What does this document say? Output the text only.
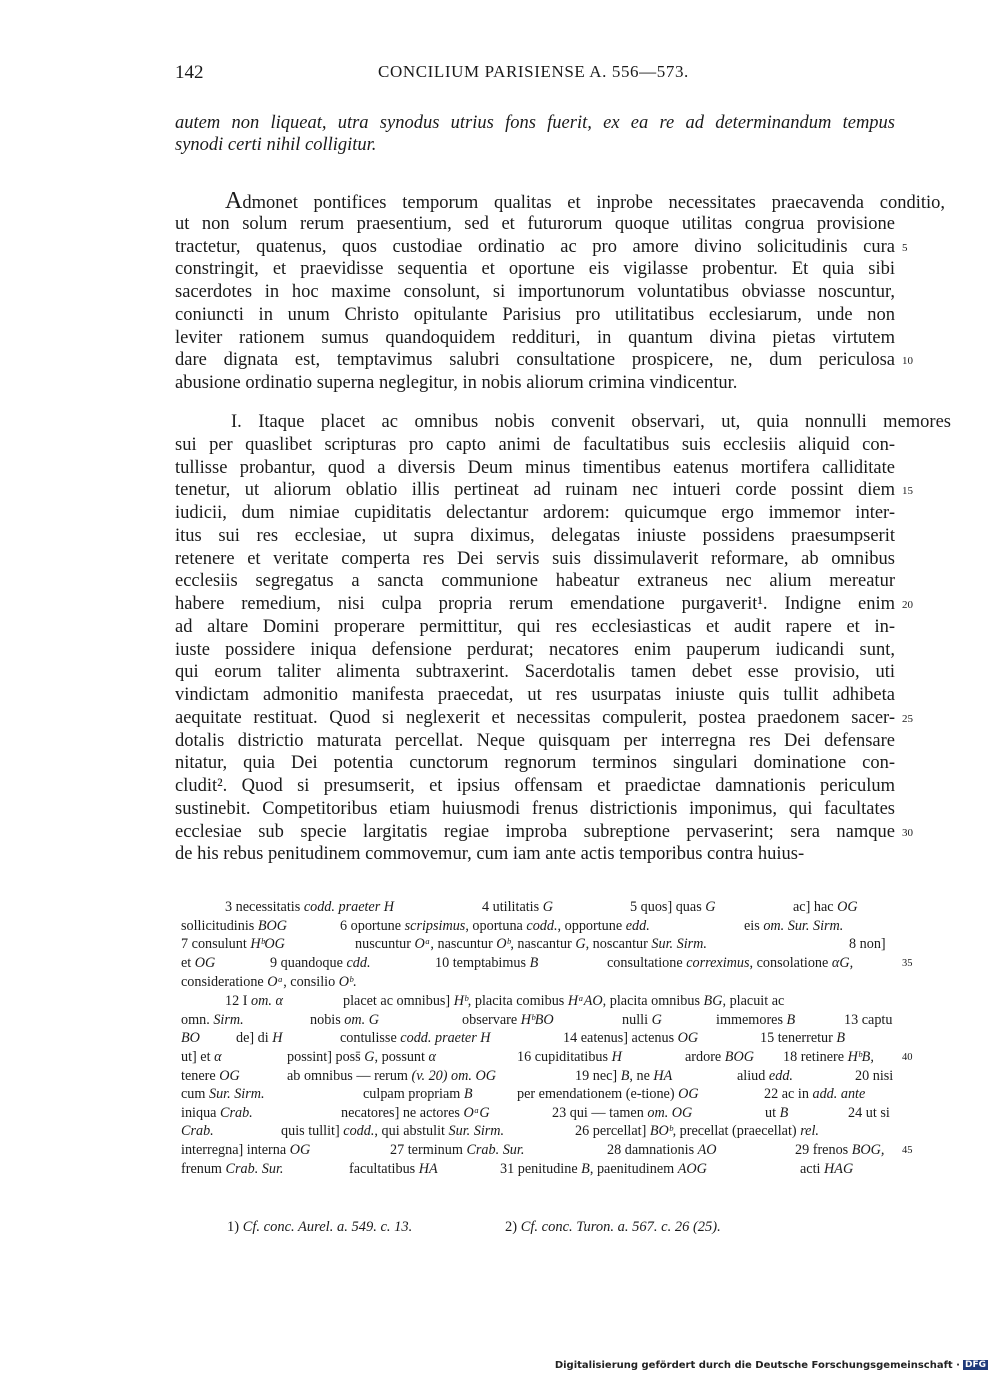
142	CONCILIUM PARISIENSE A. 556—573.
autem non liqueat, utra synodus utrius fons fuerit, ex ea re ad determinandum tempus
synodi certi nihil colligitur.
Admonet pontifices temporum qualitas et inprobe necessitates praecavenda conditio,
ut non solum rerum praesentium, sed et futurorum quoque utilitas congrua provisione
tractetur, quatenus, quos custodiae ordinatio ac pro amore divino solicitudinis cura 5
constringit, et praevidisse sequentia et oportune eis vigilasse probentur. Et quia sibi
sacerdotes in hoc maxime consolunt, si importunorum voluntatibus obviasse noscuntur,
coniuncti in unum Christo opitulante Parisius pro utilitatibus ecclesiarum, unde non
leviter rationem sumus quandoquidem reddituri, in quantum divina pietas virtutem
dare dignata est, temptavimus salubri consultatione prospicere, ne, dum periculosa 10
abusione ordinatio superna neglegitur, in nobis aliorum crimina vindicentur.
I. Itaque placet ac omnibus nobis convenit observari, ut, quia nonnulli memores
sui per quaslibet scripturas pro capto animi de facultatibus suis ecclesiis aliquid con-
tullisse probantur, quod a diversis Deum minus timentibus eatenus mortifera calliditate
tenetur, ut aliorum oblatio illis pertineat ad ruinam nec intueri corde possint diem 15
iudicii, dum nimiae cupiditatis delectantur ardorem: quicumque ergo immemor inter-
itus sui res ecclesiae, ut supra diximus, delegatas iniuste possidens praesumpserit
retenere et veritate comperta res Dei servis suis dissimulaverit reformare, ab omnibus
ecclesiis segregatus a sancta communione habeatur extraneus nec alium mereatur
habere remedium, nisi culpa propria rerum emendatione purgaverit¹. Indigne enim 20
ad altare Domini properare permittitur, qui res ecclesiasticas et audit rapere et in-
iuste possidere iniqua defensione perdurat; necatores enim pauperum iudicandi sunt,
qui eorum taliter alimenta subtraxerint. Sacerdotalis tamen debet esse provisio, uti
vindictam admonitio manifesta praecedat, ut res usurpatas iniuste quis tullit adhibeta
aequitate restituat. Quod si neglexerit et necessitas compulerit, postea praedonem sacer- 25
dotalis districtio maturata percellat. Neque quisquam per interregna res Dei defensare
nitatur, quia Dei potentia cunctorum regnorum terminos singulari dominatione con-
cludit². Quod si presumserit, et ipsius offensam et praedictae damnationis periculum
sustinebit. Competitoribus etiam huiusmodi frenus districtionis imponimus, qui facultates
ecclesiae sub specie largitatis regiae improba subreptione pervaserint; sera namque 30
de his rebus penitudinem commovemur, cum iam ante actis temporibus contra huius-
3 necessitatis codd. praeter H	4 utilitatis G	5 quos] quas G	ac] hac OG
sollicitudinis BOG	6 oportune scripsimus, oportuna codd., opportune edd.	eis om. Sur. Sirm.
7 consulunt HᵇOG	nuscuntur Oᵃ, nascuntur Oᵇ, nascantur G, noscantur Sur. Sirm.	8 non]
et OG	9 quandoque cdd.	10 temptabimus B	consultatione correximus, consolatione αG,	35
consideratione Oᵃ, consilio Oᵇ.
12 I om. α	placet ac omnibus] Hᵇ, placita comibus HᵃAO, placita omnibus BG, placuit ac
omn. Sirm.	nobis om. G	observare HᵇBO	nulli G	immemores B	13 captu
BO	de] di H	contulisse codd. praeter H	14 eatenus] actenus OG	15 tenerretur B
ut] et α	possint] poss̄ G, possunt α	16 cupiditatibus H	ardore BOG 18 retinere HᵇB,	40
tenere OG	ab omnibus — rerum (v. 20) om. OG	19 nec] B, ne HA	aliud edd.	20 nisi
cum Sur. Sirm.	culpam propriam B	per emendationem (e-tione) OG	22 ac in add. ante
iniqua Crab.	necatores] ne actores OᵃG	23 qui — tamen om. OG	ut B	24 ut si
Crab.	quis tullit] codd., qui abstulit Sur. Sirm.	26 percellat] BOᵇ, precellat (praecellat) rel.
interregna] interna OG	27 terminum Crab. Sur.	28 damnationis AO	29 frenos BOG, 45
frenum Crab. Sur.	facultatibus HA	31 penitudine B, paenitudinem AOG	acti HAG
1) Cf. conc. Aurel. a. 549. c. 13.	2) Cf. conc. Turon. a. 567. c. 26 (25).
Digitalisierung gefördert durch die Deutsche Forschungsgemeinschaft · DFG
